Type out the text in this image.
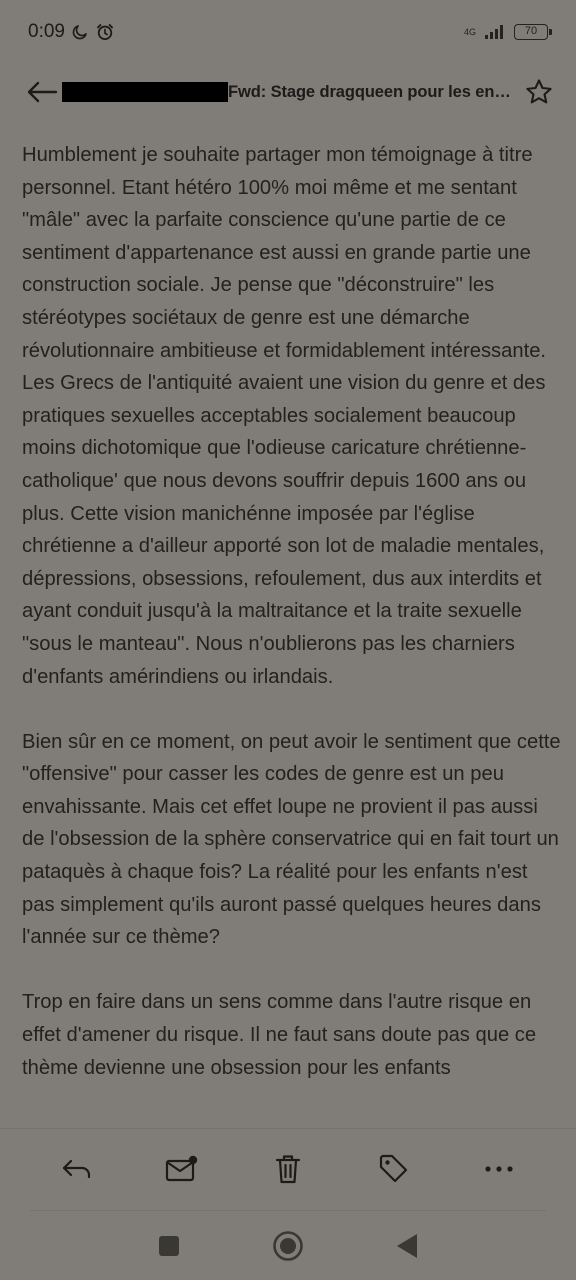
0:09	4G	70
Fwd: Stage dragqueen pour les en…

Humblement je souhaite partager mon témoignage à titre personnel. Etant hétéro 100% moi même et me sentant "mâle" avec la parfaite conscience qu'une partie de ce sentiment d'appartenance est aussi en grande partie une construction sociale. Je pense que "déconstruire" les stéréotypes sociétaux de genre est une démarche révolutionnaire ambitieuse et formidablement intéressante. Les Grecs de l'antiquité avaient une vision du genre et des pratiques sexuelles acceptables socialement beaucoup moins dichotomique que l'odieuse caricature chrétienne-catholique' que nous devons souffrir depuis 1600 ans ou plus. Cette vision manichénne imposée par l'église chrétienne a d'ailleur apporté son lot de maladie mentales, dépressions, obsessions, refoulement, dus aux interdits et ayant conduit jusqu'à la maltraitance et la traite sexuelle "sous le manteau". Nous n'oublierons pas les charniers d'enfants amérindiens ou irlandais.

Bien sûr en ce moment, on peut avoir le sentiment que cette "offensive" pour casser les codes de genre est un peu envahissante. Mais cet effet loupe ne provient il pas aussi de l'obsession de la sphère conservatrice qui en fait tourt un pataquès à chaque fois? La réalité pour les enfants n'est pas simplement qu'ils auront passé quelques heures dans l'année sur ce thème?

Trop en faire dans un sens comme dans l'autre risque en effet d'amener du risque. Il ne faut sans doute pas que ce thème devienne une obsession pour les enfants
